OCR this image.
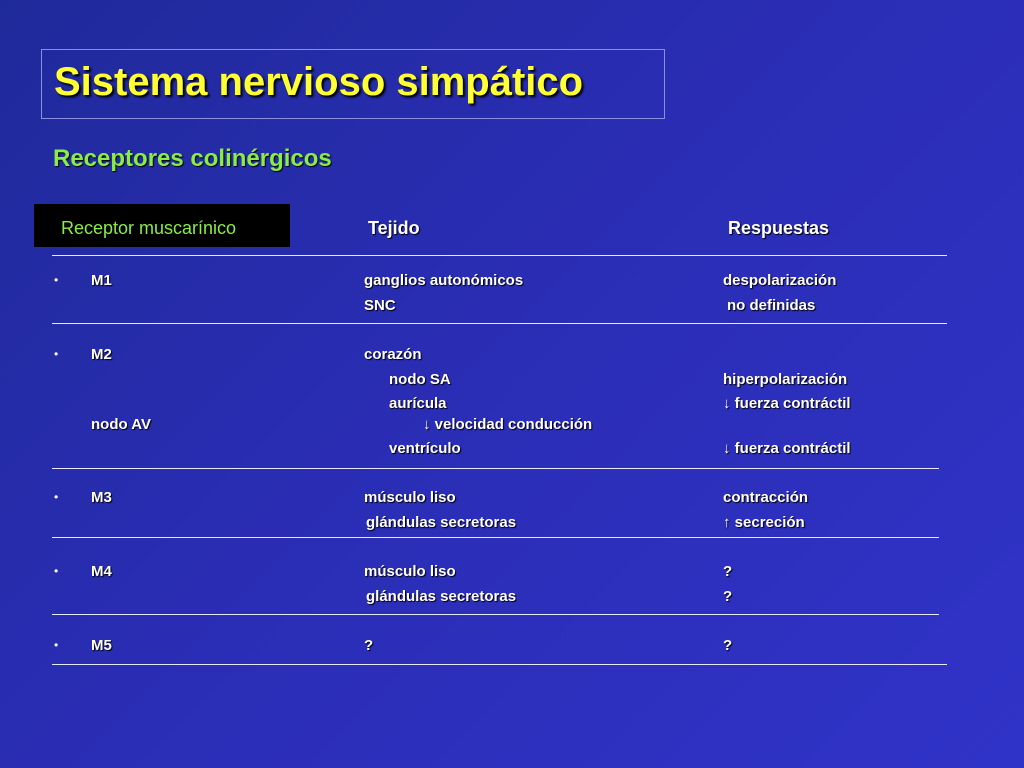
Sistema nervioso simpático
Receptores colinérgicos
Receptor muscarínico	Tejido	Respuestas
• M1	ganglios autonómicos	despolarización
SNC	no definidas
• M2	corazón
nodo SA	hiperpolarización
aurícula	↓ fuerza contráctil
nodo AV	↓ velocidad conducción
ventrículo	↓ fuerza contráctil
• M3	músculo liso	contracción
glándulas secretoras	↑ secreción
• M4	músculo liso	?
glándulas secretoras	?
• M5	?	?
